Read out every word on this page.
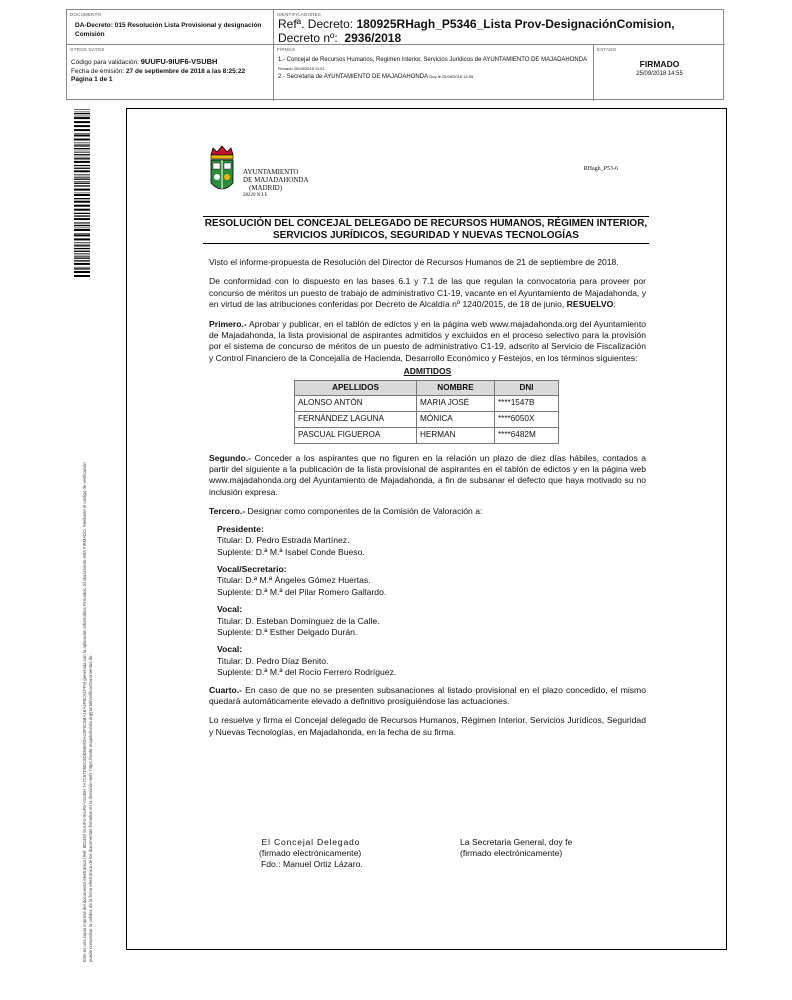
DOCUMENTO
DA-Decreto: 015 Resolución Lista Provisional y designación Comisión
IDENTIFICADORES
Refª. Decreto: 180925RHagh_P5346_Lista Prov-DesignaciónComision,
Decreto nº: 2936/2018
OTROS DATOS
Código para validación: 9UUFU-9IUF6-VSUBH
Fecha de emisión: 27 de septiembre de 2018 a las 8:25:22
Página 1 de 1
FIRMAS
1.- Concejal de Recursos Humanos, Regimen Interior, Servicios Juridicos de AYUNTAMIENTO DE MAJADAHONDA Firmado 25/09/2018 11:01
2.- Secretaria de AYUNTAMIENTO DE MAJADAHONDA Doy fe 25/09/2018 14:55
ESTADO
FIRMADO
25/09/2018 14:55
Este es una copia impresa del documento electrónico (Ref: 802449 9UUFU-9IUF6-VSUBH 7A7C67D5EC6DE84E9DAC8F5C5BA1EA3FBC61FF9) generada con la aplicación informática Firmadoc. El documento está FIRMADO. Mediante el código de verificación puede comprobar la validez de la firma electrónica de los documentos firmados en la dirección web: https://sede.majadahonda.org/portal/verificarDocumentos.do
AYUNTAMIENTO
DE MAJADAHONDA
(MADRID)
28220 N.I.F.
RHagh_P53-6
RESOLUCIÓN DEL CONCEJAL DELEGADO DE RECURSOS HUMANOS, RÉGIMEN INTERIOR, SERVICIOS JURÍDICOS, SEGURIDAD Y NUEVAS TECNOLOGÍAS

Visto el informe-propuesta de Resolución del Director de Recursos Humanos de 21 de septiembre de 2018.

De conformidad con lo dispuesto en las bases 6.1 y 7.1 de las que regulan la convocatoria para proveer por concurso de méritos un puesto de trabajo de administrativo C1-19, vacante en el Ayuntamiento de Majadahonda, y en virtud de las atribuciones conferidas por Decreto de Alcaldía nº 1240/2015, de 18 de junio, RESUELVO:

Primero.- Aprobar y publicar, en el tablón de edictos y en la página web www.majadahonda.org del Ayuntamiento de Majadahonda, la lista provisional de aspirantes admitidos y excluidos en el proceso selectivo para la provisión por el sistema de concurso de méritos de un puesto de administrativo C1-19, adscrito al Servicio de Fiscalización y Control Financiero de la Concejalía de Hacienda, Desarrollo Económico y Festejos, en los términos siguientes:

ADMITIDOS
APELLIDOS	NOMBRE	DNI
ALONSO ANTÓN	MARIA JOSÉ	****1547B
FERNÁNDEZ LAGUNA	MÓNICA	****6050X
PASCUAL FIGUEROA	HERMAN	****6482M

Segundo.- Conceder a los aspirantes que no figuren en la relación un plazo de diez días hábiles, contados a partir del siguiente a la publicación de la lista provisional de aspirantes en el tablón de edictos y en la página web www.majadahonda.org del Ayuntamiento de Majadahonda, a fin de subsanar el defecto que haya motivado su no inclusión expresa.

Tercero.- Designar como componentes de la Comisión de Valoración a:

Presidente:
Titular: D. Pedro Estrada Martínez.
Suplente: D.ª M.ª Isabel Conde Bueso.
Vocal/Secretario:
Titular: D.ª M.ª Ángeles Gómez Huertas.
Suplente: D.ª M.ª del Pilar Romero Gallardo.
Vocal:
Titular: D. Esteban Domínguez de la Calle.
Suplente: D.ª Esther Delgado Durán.
Vocal:
Titular: D. Pedro Díaz Benito.
Suplente: D.ª M.ª del Rocío Ferrero Rodríguez.

Cuarto.- En caso de que no se presenten subsanaciones al listado provisional en el plazo concedido, el mismo quedará automáticamente elevado a definitivo prosiguiéndose las actuaciones.

Lo resuelve y firma el Concejal delegado de Recursos Humanos, Régimen Interior, Servicios Jurídicos, Seguridad y Nuevas Tecnologías, en Majadahonda, en la fecha de su firma.

El Concejal Delegado
(firmado electrónicamente)
Fdo.: Manuel Ortiz Lázaro.
La Secretaria General, doy fe
(firmado electrónicamente)
